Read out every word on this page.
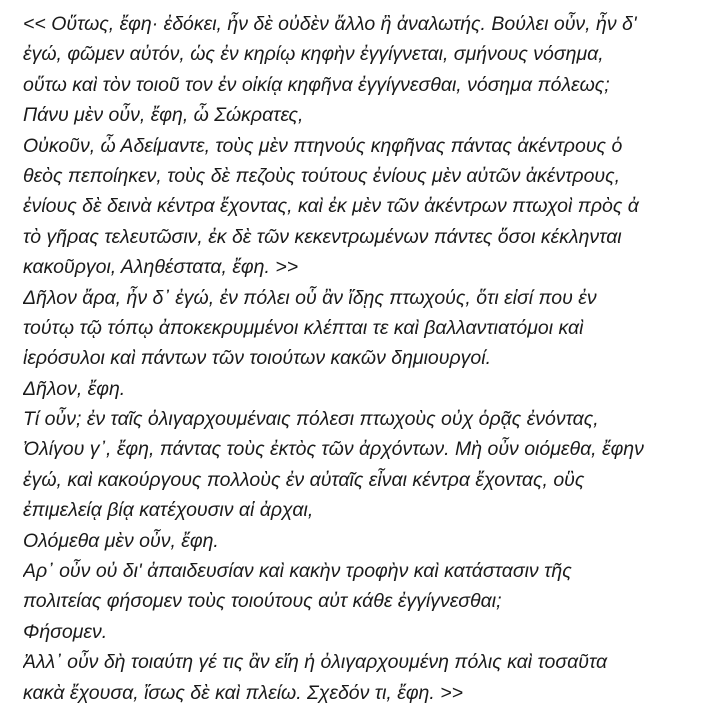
<< Οὕτως, ἔφη· ἐδόκει, ἦν δὲ οὐδὲν ἄλλο ἢ ἀναλωτής. Βούλει οὖν, ἦν δ'
ἐγώ, φῶμεν αὐτόν, ὡς ἐν κηρίῳ κηφὴν ἐγγίγνεται, σμήνους νόσημα,
οὕτω καὶ τὸν τοιοῦ τον ἐν οἰκίᾳ κηφῆνα ἐγγίγνεσθαι, νόσημα πόλεως;
Πάνυ μὲν οὖν, ἔφη, ὦ Σώκρατες,
Οὐκοῦν, ὦ Αδείμαντε, τοὺς μὲν πτηνούς κηφῆνας πάντας ἀκέντρους ὁ
θεὸς πεποίηκεν, τοὺς δὲ πεζοὺς τούτους ἐνίους μὲν αὐτῶν ἀκέντρους,
ἐνίους δὲ δεινὰ κέντρα ἔχοντας, καὶ ἐκ μὲν τῶν ἀκέντρων πτωχοὶ πρὸς ἀ
τὸ γῆρας τελευτῶσιν, ἐκ δὲ τῶν κεκεντρωμένων πάντες ὅσοι κέκληνται
κακοῦργοι, Αληθέστατα, ἔφη. >>
Δῆλον ἄρα, ἦν δ᾽ ἐγώ, ἐν πόλει οὗ ἂν ἴδῃς πτωχούς, ὅτι εἰσί που ἐν
τούτῳ τῷ τόπῳ ἀποκεκρυμμένοι κλέπται τε καὶ βαλλαντιατόμοι καὶ
ἱερόσυλοι καὶ πάντων τῶν τοιούτων κακῶν δημιουργοί.
Δῆλον, ἔφη.
Τί οὖν; ἐν ταῖς ὀλιγαρχουμέναις πόλεσι πτωχοὺς οὐχ ὁρᾷς ἐνόντας,
Ὀλίγου γ᾽, ἔφη, πάντας τοὺς ἐκτὸς τῶν ἀρχόντων. Μὴ οὖν οιόμεθα, ἔφην
ἐγώ, καὶ κακούργους πολλοὺς ἐν αὐταῖς εἶναι κέντρα ἔχοντας, οὓς
ἐπιμελείᾳ βίᾳ κατέχουσιν αἱ ἀρχαι,
Ολόμεθα μὲν οὖν, ἔφη.
Αρ᾽ οὖν οὐ δι' ἀπαιδευσίαν καὶ κακὴν τροφὴν καὶ κατάστασιν τῆς
πολιτείας φήσομεν τοὺς τοιούτους αὐτ κάθε ἐγγίγνεσθαι;
Φήσομεν.
Ἀλλ᾽ οὖν δὴ τοιαύτη γέ τις ἂν εἴη ἡ ὀλιγαρχουμένη πόλις καὶ τοσαῦτα
κακὰ ἔχουσα, ἴσως δὲ καὶ πλείω. Σχεδόν τι, ἔφη. >>
